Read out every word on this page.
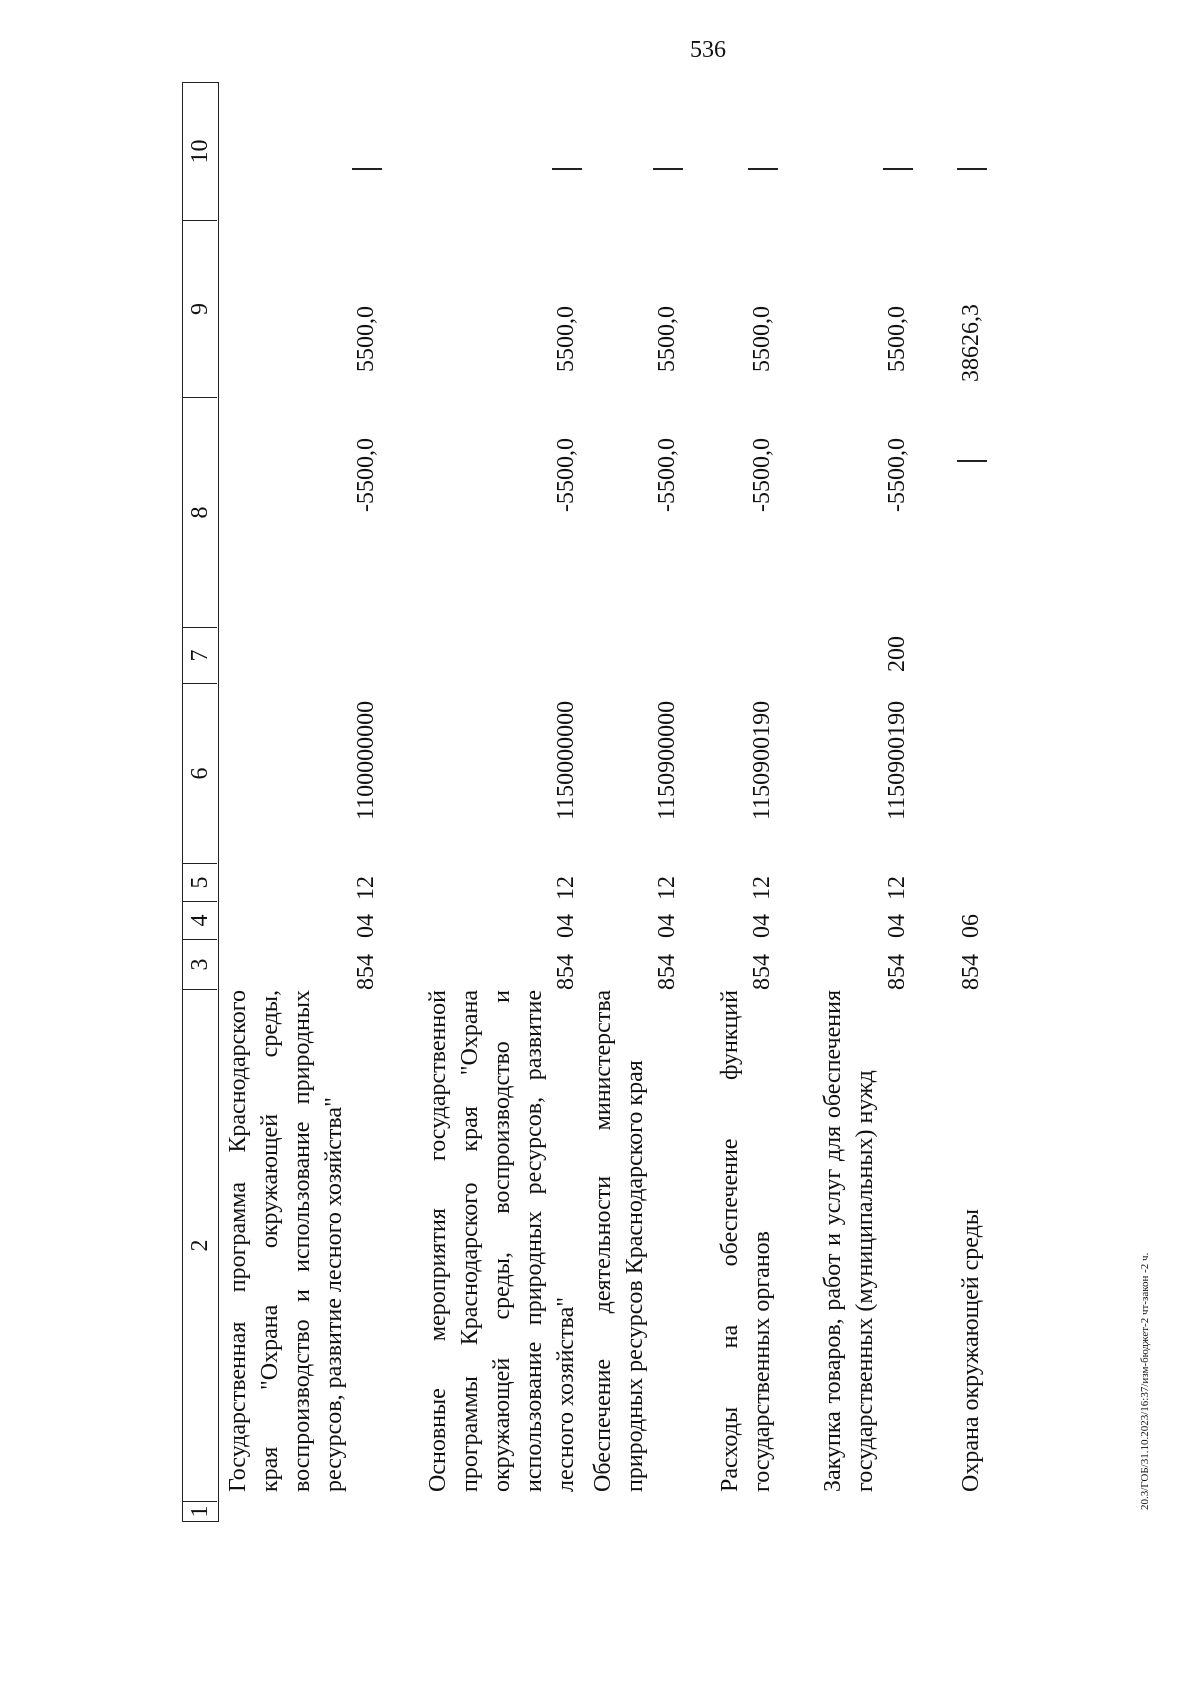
536
20.3/ГОБ/31.10.2023/16:37/изм-бюджет-2 чт-закон -2 ч.
1
2
3
4
5
6
7
8
9
10
Государственная программа Краснодарского края "Охрана окружающей среды, воспроизводство и использование природных ресурсов, развитие лесного хозяйства"
854
04
12
1100000000
-5500,0
5500,0
Основные мероприятия государственной программы Краснодарского края "Охрана окружающей среды, воспроизводство и использование природных ресурсов, развитие лесного хозяйства"
854
04
12
1150000000
-5500,0
5500,0
Обеспечение деятельности министерства природных ресурсов Краснодарского края
854
04
12
1150900000
-5500,0
5500,0
Расходы на обеспечение функций государственных органов
854
04
12
1150900190
-5500,0
5500,0
Закупка товаров, работ и услуг для обеспечения государственных (муниципальных) нужд
854
04
12
1150900190
200
-5500,0
5500,0
Охрана окружающей среды
854
06
38626,3
